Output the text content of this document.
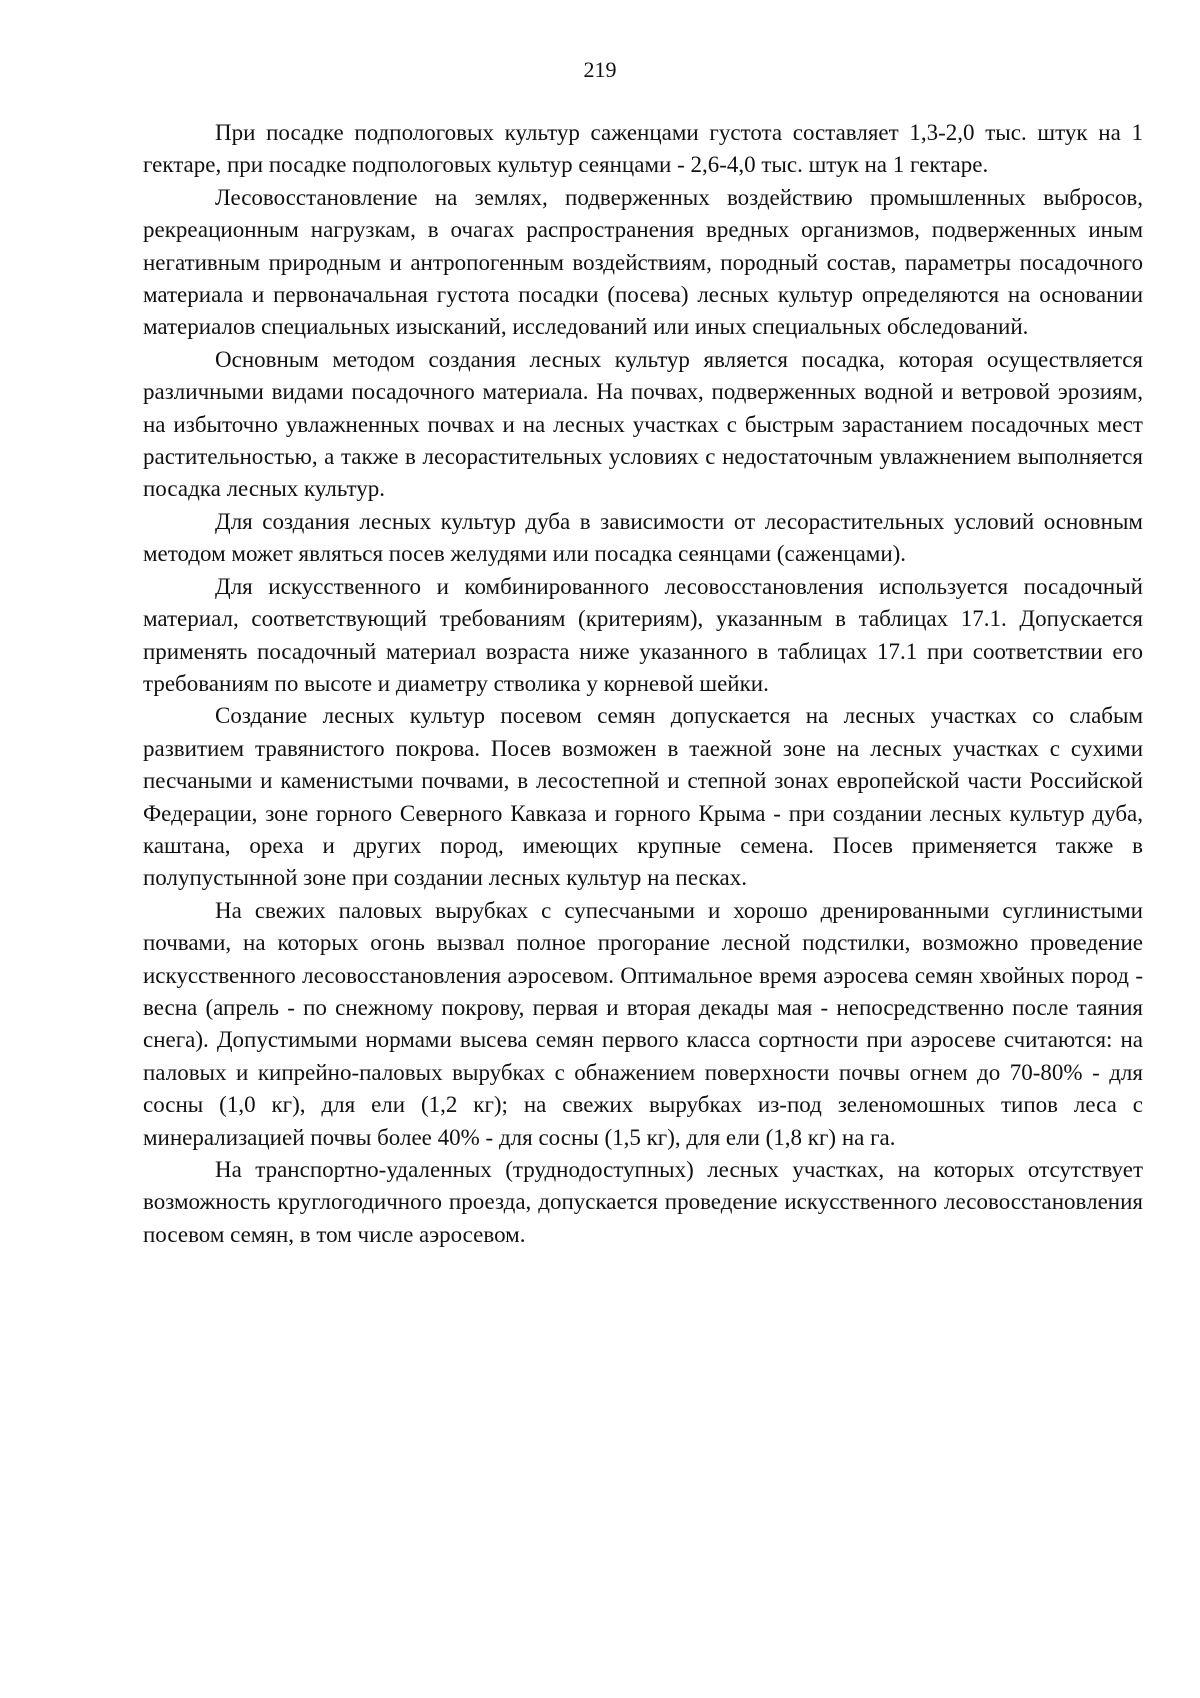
219

При посадке подпологовых культур саженцами густота составляет 1,3-2,0 тыс. штук на 1 гектаре, при посадке подпологовых культур сеянцами - 2,6-4,0 тыс. штук на 1 гектаре.

Лесовосстановление на землях, подверженных воздействию промышленных выбросов, рекреационным нагрузкам, в очагах распространения вредных организмов, подверженных иным негативным природным и антропогенным воздействиям, породный состав, параметры посадочного материала и первоначальная густота посадки (посева) лесных культур определяются на основании материалов специальных изысканий, исследований или иных специальных обследований.

Основным методом создания лесных культур является посадка, которая осуществляется различными видами посадочного материала. На почвах, подверженных водной и ветровой эрозиям, на избыточно увлажненных почвах и на лесных участках с быстрым зарастанием посадочных мест растительностью, а также в лесорастительных условиях с недостаточным увлажнением выполняется посадка лесных культур.

Для создания лесных культур дуба в зависимости от лесорастительных условий основным методом может являться посев желудями или посадка сеянцами (саженцами).

Для искусственного и комбинированного лесовосстановления используется посадочный материал, соответствующий требованиям (критериям), указанным в таблицах 17.1. Допускается применять посадочный материал возраста ниже указанного в таблицах 17.1 при соответствии его требованиям по высоте и диаметру стволика у корневой шейки.

Создание лесных культур посевом семян допускается на лесных участках со слабым развитием травянистого покрова. Посев возможен в таежной зоне на лесных участках с сухими песчаными и каменистыми почвами, в лесостепной и степной зонах европейской части Российской Федерации, зоне горного Северного Кавказа и горного Крыма - при создании лесных культур дуба, каштана, ореха и других пород, имеющих крупные семена. Посев применяется также в полупустынной зоне при создании лесных культур на песках.

На свежих паловых вырубках с супесчаными и хорошо дренированными суглинистыми почвами, на которых огонь вызвал полное прогорание лесной подстилки, возможно проведение искусственного лесовосстановления аэросевом. Оптимальное время аэросева семян хвойных пород - весна (апрель - по снежному покрову, первая и вторая декады мая - непосредственно после таяния снега). Допустимыми нормами высева семян первого класса сортности при аэросеве считаются: на паловых и кипрейно-паловых вырубках с обнажением поверхности почвы огнем до 70-80% - для сосны (1,0 кг), для ели (1,2 кг); на свежих вырубках из-под зеленомошных типов леса с минерализацией почвы более 40% - для сосны (1,5 кг), для ели (1,8 кг) на га.

На транспортно-удаленных (труднодоступных) лесных участках, на которых отсутствует возможность круглогодичного проезда, допускается проведение искусственного лесовосстановления посевом семян, в том числе аэросевом.
